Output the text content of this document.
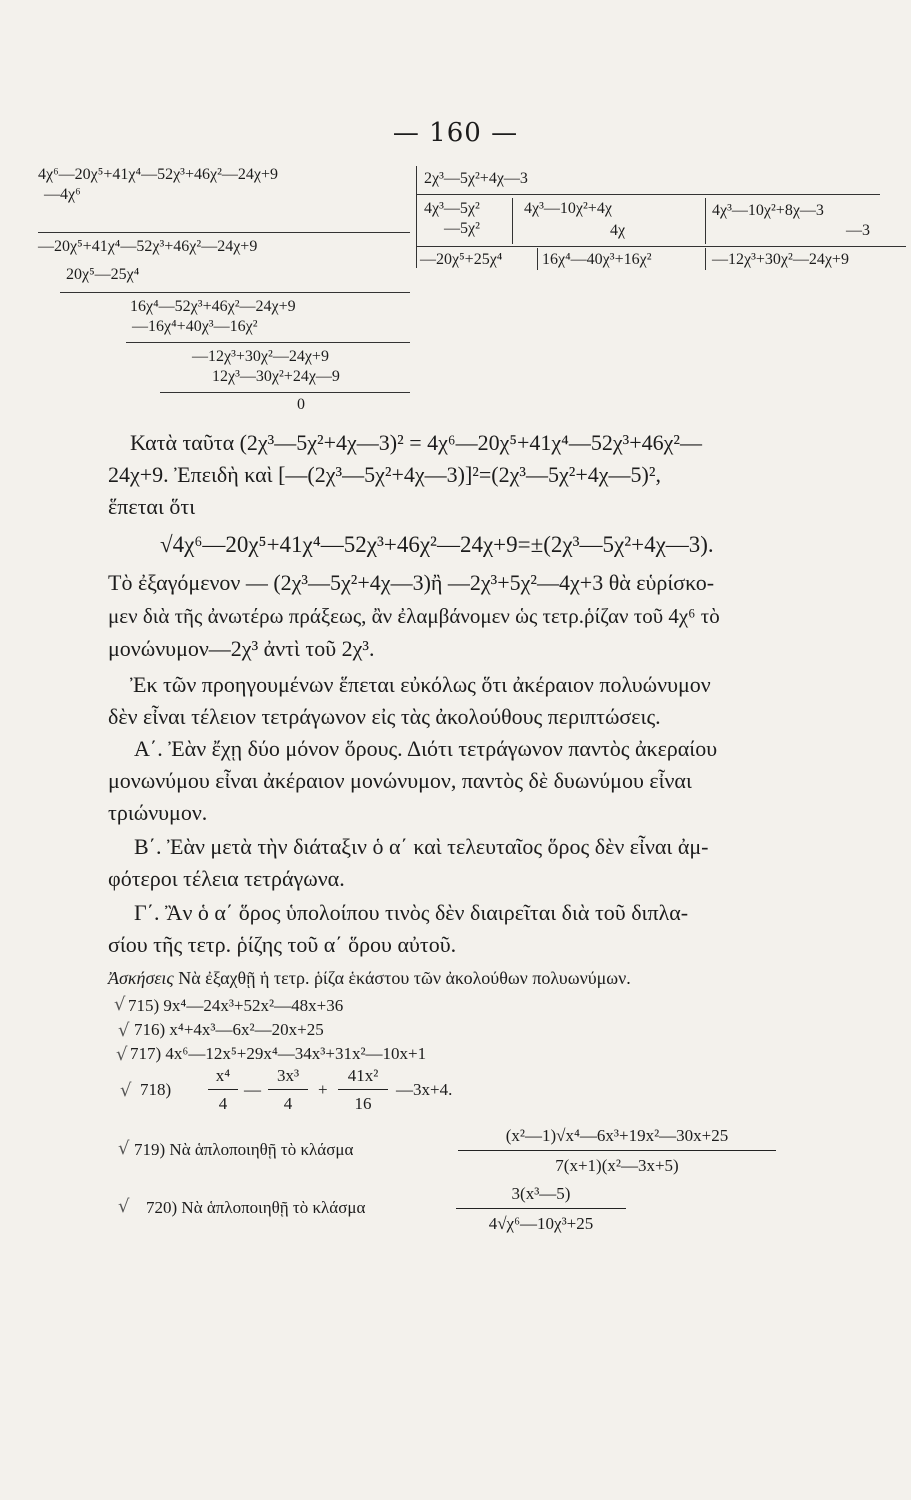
— 160 —
4χ⁶—20χ⁵+41χ⁴—52χ³+46χ²—24χ+9
—4χ⁶
—20χ⁵+41χ⁴—52χ³+46χ²—24χ+9
20χ⁵—25χ⁴
16χ⁴—52χ³+46χ²—24χ+9
—16χ⁴+40χ³—16χ²
—12χ³+30χ²—24χ+9
12χ³—30χ²+24χ—9
0
2χ³—5χ²+4χ—3
4χ³—5χ²
—5χ²
4χ³—10χ²+4χ
4χ
4χ³—10χ²+8χ—3
—3
—20χ⁵+25χ⁴ 16χ⁴—40χ³+16χ²	—12χ³+30χ²—24χ+9
Κατὰ ταῦτα (2χ³—5χ²+4χ—3)² = 4χ⁶—20χ⁵+41χ⁴—52χ³+46χ²—
24χ+9. Ἐπειδὴ καὶ [—(2χ³—5χ²+4χ—3)]²=(2χ³—5χ²+4χ—5)²,
ἕπεται ὅτι
√4χ⁶—20χ⁵+41χ⁴—52χ³+46χ²—24χ+9=±(2χ³—5χ²+4χ—3).
Τὸ ἐξαγόμενον — (2χ³—5χ²+4χ—3)ἢ —2χ³+5χ²—4χ+3 θὰ εὑρίσκο-
μεν διὰ τῆς ἀνωτέρω πράξεως, ἂν ἐλαμβάνομεν ὡς τετρ.ῥίζαν τοῦ 4χ⁶ τὸ
μονώνυμον—2χ³ ἀντὶ τοῦ 2χ³.
Ἐκ τῶν προηγουμένων ἕπεται εὐκόλως ὅτι ἀκέραιον πολυώνυμον
δὲν εἶναι τέλειον τετράγωνον εἰς τὰς ἀκολούθους περιπτώσεις.
Α΄. Ἐὰν ἔχῃ δύο μόνον ὅρους. Διότι τετράγωνον παντὸς ἀκεραίου
μονωνύμου εἶναι ἀκέραιον μονώνυμον, παντὸς δὲ δυωνύμου εἶναι
τριώνυμον.
Β΄. Ἐὰν μετὰ τὴν διάταξιν ὁ α΄ καὶ τελευταῖος ὅρος δὲν εἶναι ἀμ-
φότεροι τέλεια τετράγωνα.
Γ΄. Ἂν ὁ α΄ ὅρος ὑπολοίπου τινὸς δὲν διαιρεῖται διὰ τοῦ διπλα-
σίου τῆς τετρ. ῥίζης τοῦ α΄ ὅρου αὐτοῦ.
Ἀσκήσεις Νὰ ἐξαχθῇ ἡ τετρ. ῥίζα ἑκάστου τῶν ἀκολούθων πολυωνύμων.
√ 715) 9x⁴—24x³+52x²—48x+36
√ 716) x⁴+4x³—6x²—20x+25
√ 717) 4x⁶—12x⁵+29x⁴—34x³+31x²—10x+1
√ 718)
x⁴
4
—
3x³
4
+
41x²
16
—3x+4.
√ 719) Νὰ ἁπλοποιηθῇ τὸ κλάσμα
(x²—1)√x⁴—6x³+19x²—30x+25
7(x+1)(x²—3x+5)
√ 720) Νὰ ἁπλοποιηθῇ τὸ κλάσμα
3(x³—5)
4√χ⁶—10χ³+25
